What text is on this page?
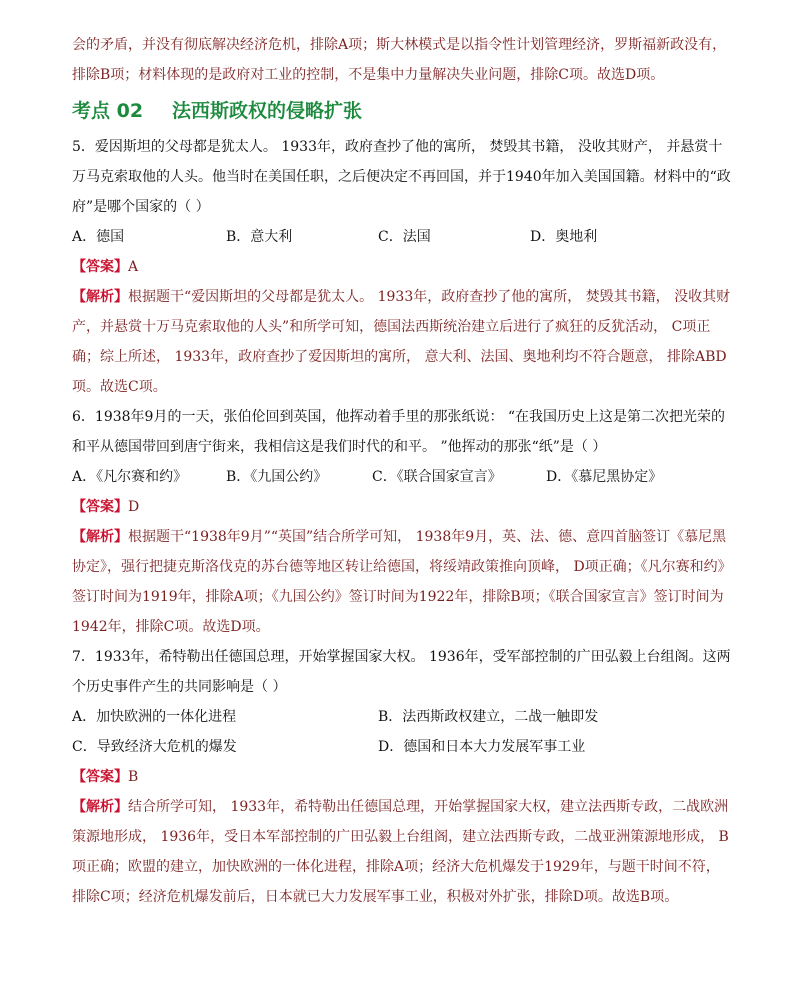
会的矛盾，并没有彻底解决经济危机，排除A项；斯大林模式是以指令性计划管理经济，罗斯福新政没有，排除B项；材料体现的是政府对工业的控制，不是集中力量解决失业问题，排除C项。故选D项。

考点 02 法西斯政权的侵略扩张

5．爱因斯坦的父母都是犹太人。 1933年，政府查抄了他的寓所， 焚毁其书籍， 没收其财产， 并悬赏十万马克索取他的人头。他当时在美国任职，之后便决定不再回国，并于1940年加入美国国籍。材料中的“政府”是哪个国家的（ ）

A．德国	B．意大利	C．法国	D．奥地利

【答案】A

【解析】根据题干“爱因斯坦的父母都是犹太人。 1933年，政府查抄了他的寓所， 焚毁其书籍， 没收其财产，并悬赏十万马克索取他的人头”和所学可知，德国法西斯统治建立后进行了疯狂的反犹活动， C项正确；综上所述， 1933年，政府查抄了爱因斯坦的寓所， 意大利、法国、奥地利均不符合题意， 排除ABD项。故选C项。

6．1938年9月的一天，张伯伦回到英国，他挥动着手里的那张纸说： “在我国历史上这是第二次把光荣的和平从德国带回到唐宁街来，我相信这是我们时代的和平。 ”他挥动的那张“纸”是（ ）

A．《凡尔赛和约》	B．《九国公约》	C．《联合国家宣言》	D．《慕尼黑协定》

【答案】D

【解析】根据题干“1938年9月”“英国”结合所学可知， 1938年9月，英、法、德、意四首脑签订《慕尼黑协定》，强行把捷克斯洛伐克的苏台德等地区转让给德国，将绥靖政策推向顶峰， D项正确；《凡尔赛和约》签订时间为1919年，排除A项；《九国公约》签订时间为1922年，排除B项；《联合国家宣言》签订时间为1942年，排除C项。故选D项。

7．1933年，希特勒出任德国总理，开始掌握国家大权。 1936年，受军部控制的广田弘毅上台组阁。这两个历史事件产生的共同影响是（ ）

A．加快欧洲的一体化进程	B．法西斯政权建立，二战一触即发
C．导致经济大危机的爆发	D．德国和日本大力发展军事工业

【答案】B

【解析】结合所学可知， 1933年，希特勒出任德国总理，开始掌握国家大权，建立法西斯专政，二战欧洲策源地形成， 1936年，受日本军部控制的广田弘毅上台组阁，建立法西斯专政，二战亚洲策源地形成， B项正确；欧盟的建立，加快欧洲的一体化进程，排除A项；经济大危机爆发于1929年，与题干时间不符，排除C项；经济危机爆发前后，日本就已大力发展军事工业，积极对外扩张，排除D项。故选B项。
